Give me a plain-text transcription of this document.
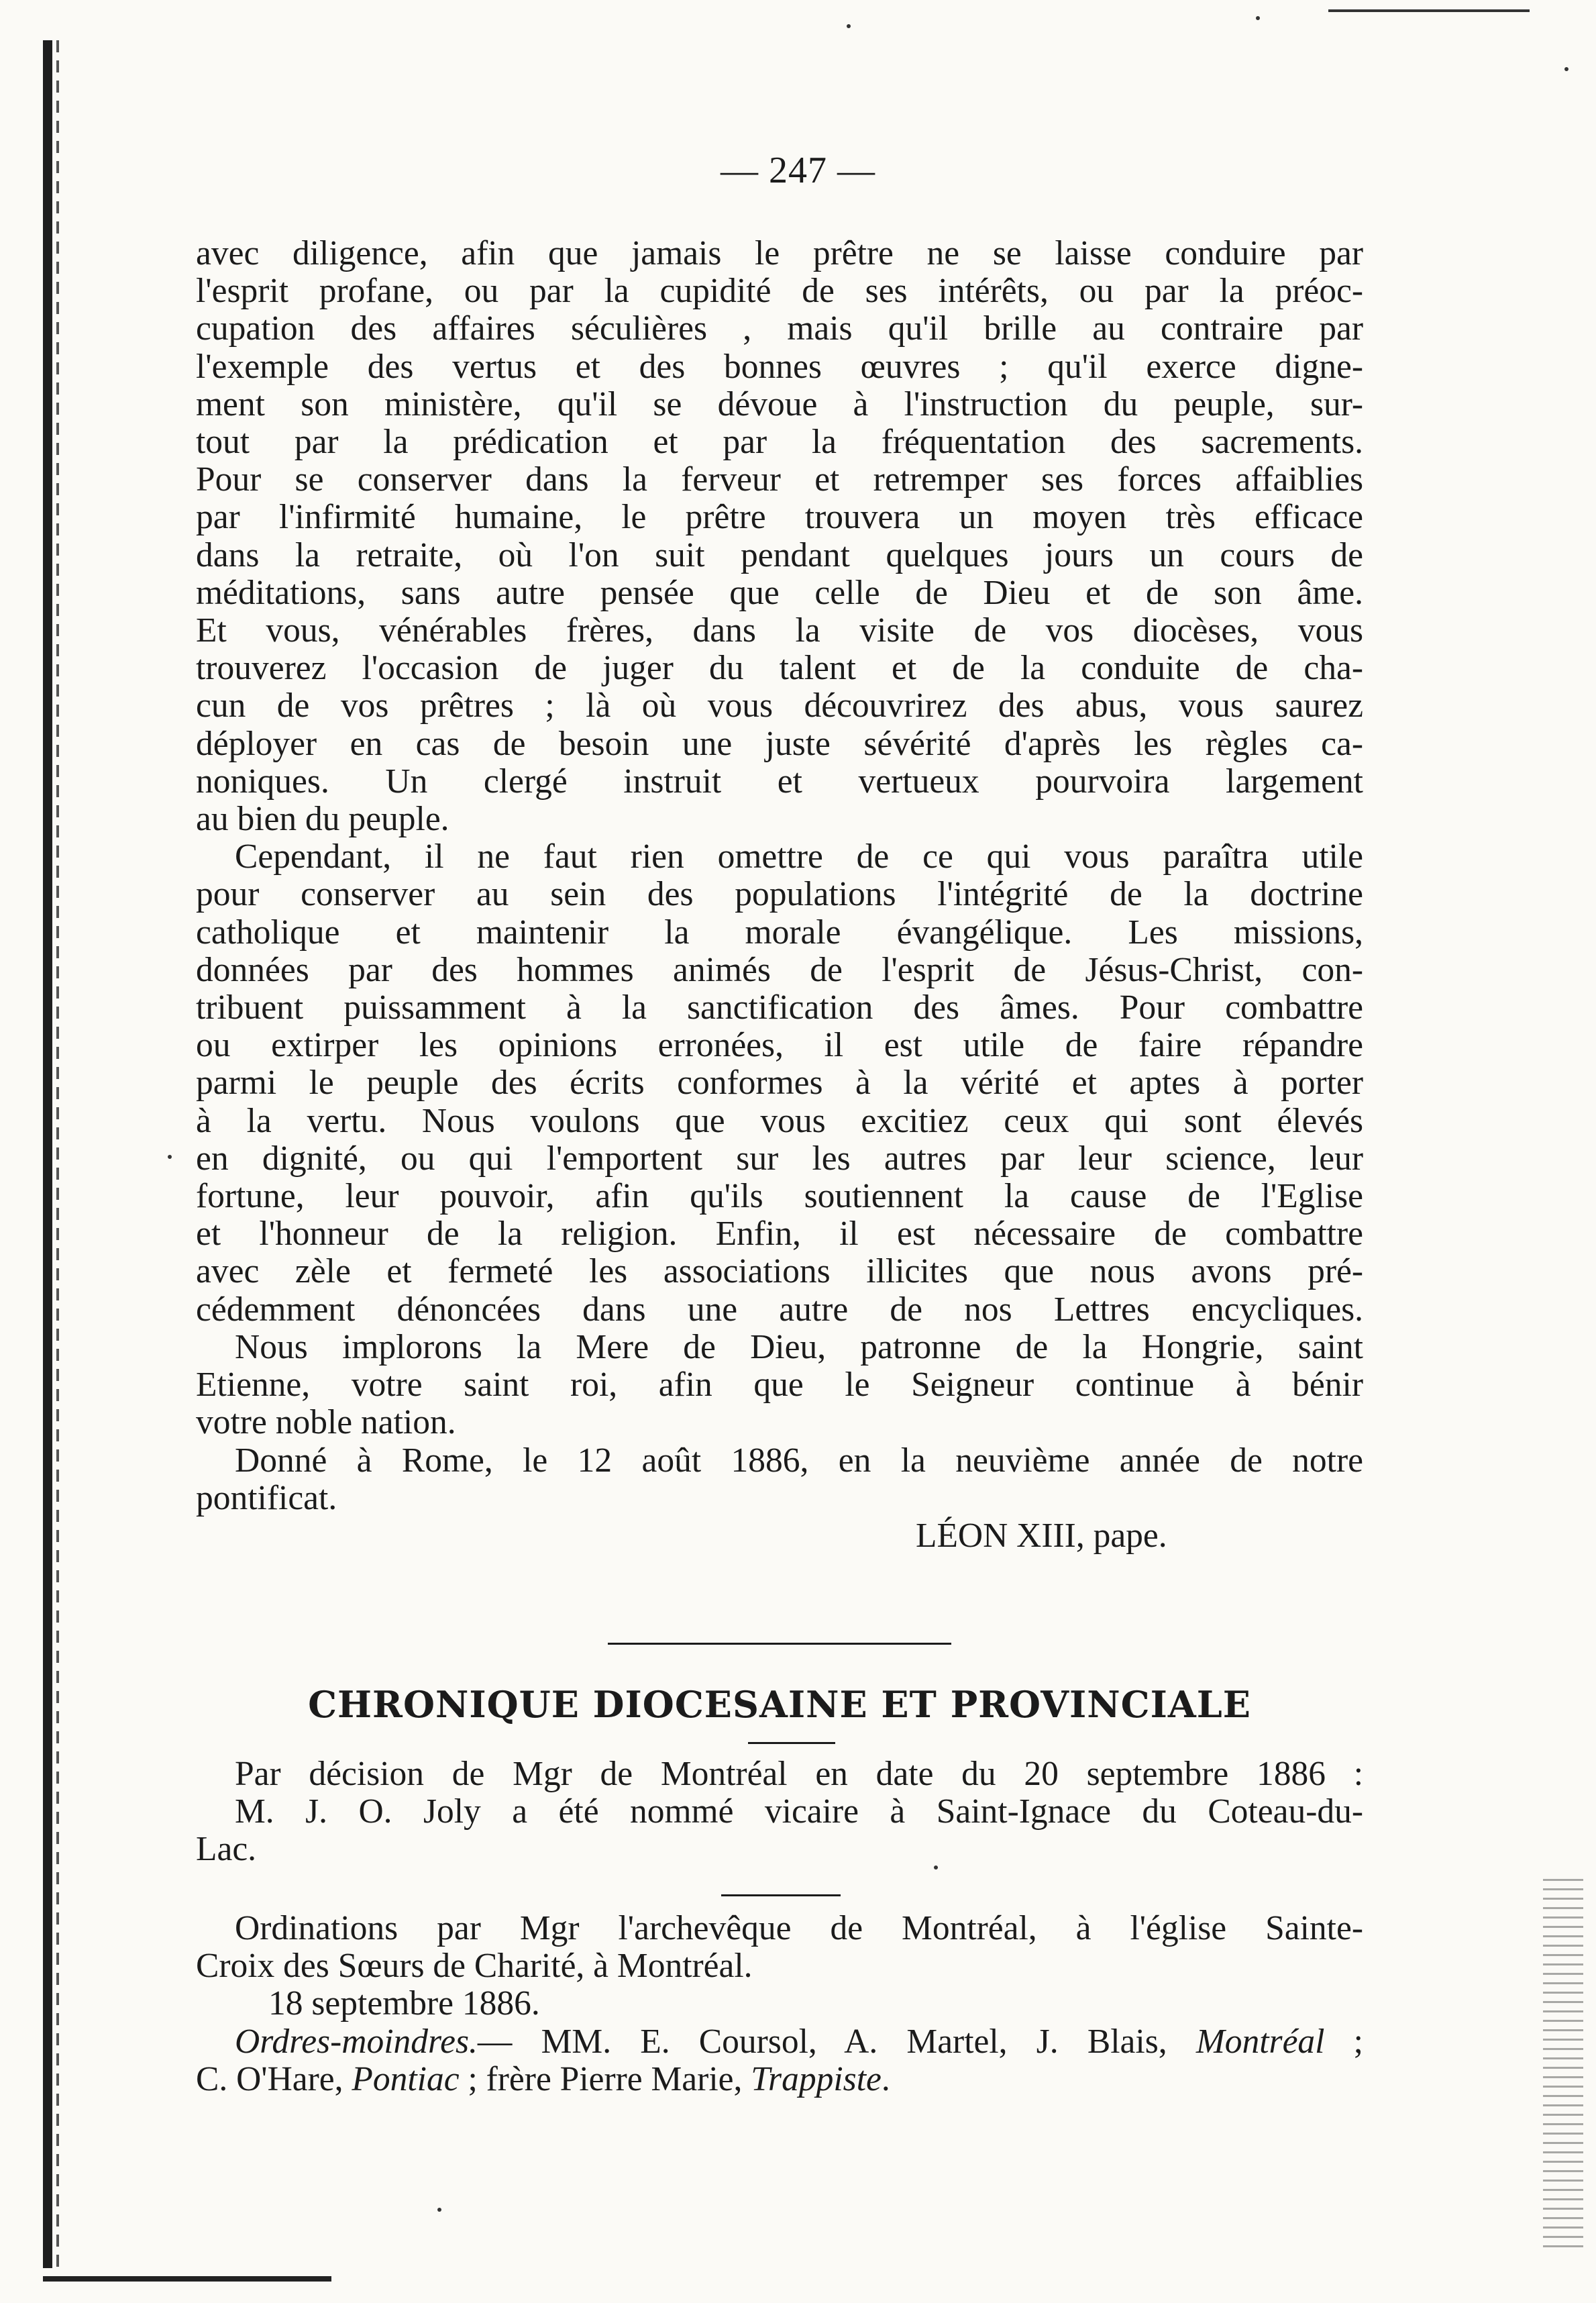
— 247 —
avec diligence, afin que jamais le prêtre ne se laisse conduire par
l'esprit profane, ou par la cupidité de ses intérêts, ou par la préoc-
cupation des affaires séculières , mais qu'il brille au contraire par
l'exemple des vertus et des bonnes œuvres ; qu'il exerce digne-
ment son ministère, qu'il se dévoue à l'instruction du peuple, sur-
tout par la prédication et par la fréquentation des sacrements.
Pour se conserver dans la ferveur et retremper ses forces affaiblies
par l'infirmité humaine, le prêtre trouvera un moyen très efficace
dans la retraite, où l'on suit pendant quelques jours un cours de
méditations, sans autre pensée que celle de Dieu et de son âme.
Et vous, vénérables frères, dans la visite de vos diocèses, vous
trouverez l'occasion de juger du talent et de la conduite de cha-
cun de vos prêtres ; là où vous découvrirez des abus, vous saurez
déployer en cas de besoin une juste sévérité d'après les règles ca-
noniques. Un clergé instruit et vertueux pourvoira largement
au bien du peuple.
Cependant, il ne faut rien omettre de ce qui vous paraîtra utile
pour conserver au sein des populations l'intégrité de la doctrine
catholique et maintenir la morale évangélique. Les missions,
données par des hommes animés de l'esprit de Jésus-Christ, con-
tribuent puissamment à la sanctification des âmes. Pour combattre
ou extirper les opinions erronées, il est utile de faire répandre
parmi le peuple des écrits conformes à la vérité et aptes à porter
à la vertu. Nous voulons que vous excitiez ceux qui sont élevés
en dignité, ou qui l'emportent sur les autres par leur science, leur
fortune, leur pouvoir, afin qu'ils soutiennent la cause de l'Eglise
et l'honneur de la religion. Enfin, il est nécessaire de combattre
avec zèle et fermeté les associations illicites que nous avons pré-
cédemment dénoncées dans une autre de nos Lettres encycliques.
Nous implorons la Mere de Dieu, patronne de la Hongrie, saint
Etienne, votre saint roi, afin que le Seigneur continue à bénir
votre noble nation.
Donné à Rome, le 12 août 1886, en la neuvième année de notre
pontificat.
LÉON XIII, pape.
CHRONIQUE DIOCESAINE ET PROVINCIALE
Par décision de Mgr de Montréal en date du 20 septembre 1886 :
M. J. O. Joly a été nommé vicaire à Saint-Ignace du Coteau-du-
Lac.
Ordinations par Mgr l'archevêque de Montréal, à l'église Sainte-
Croix des Sœurs de Charité, à Montréal.
18 septembre 1886.
Ordres-moindres.— MM. E. Coursol, A. Martel, J. Blais, Montréal ;
C. O'Hare, Pontiac ; frère Pierre Marie, Trappiste.
